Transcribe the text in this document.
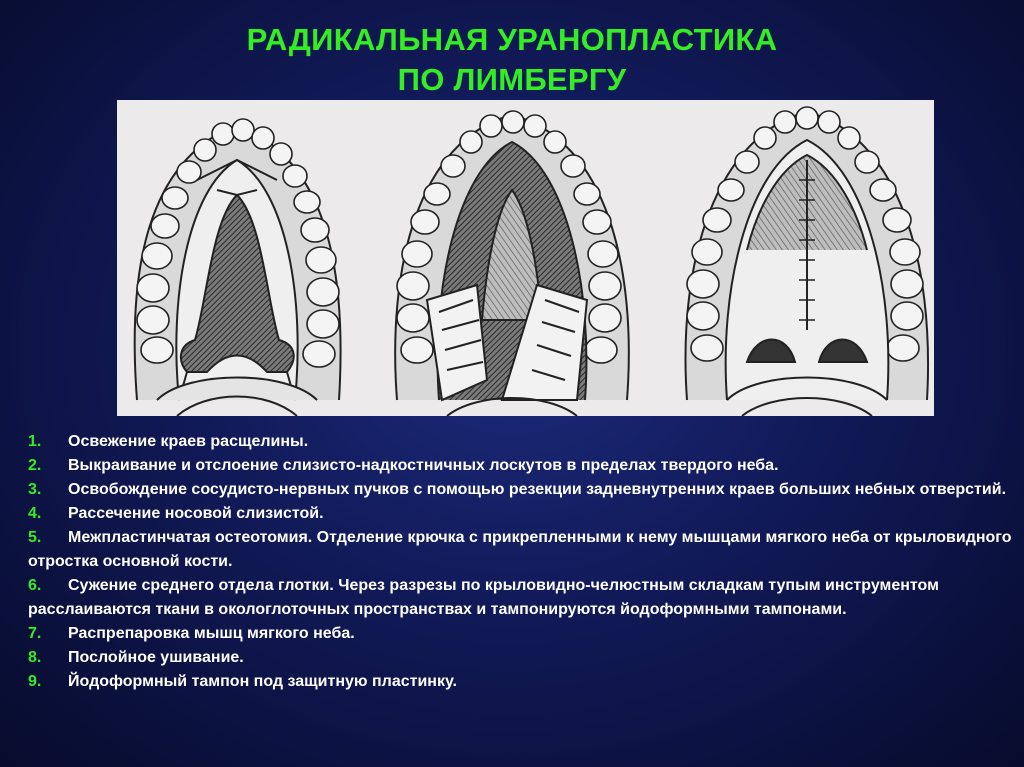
РАДИКАЛЬНАЯ УРАНОПЛАСТИКА
ПО ЛИМБЕРГУ
1. Освежение краев расщелины.
2. Выкраивание и отслоение слизисто-надкостничных лоскутов в пределах твердого неба.
3. Освобождение сосудисто-нервных пучков с помощью резекции задневнутренних краев больших небных отверстий.
4. Рассечение носовой слизистой.
5. Межпластинчатая остеотомия. Отделение крючка с прикрепленными к нему мышцами мягкого неба от крыловидного отростка основной кости.
6. Сужение среднего отдела глотки. Через разрезы по крыловидно-челюстным складкам тупым инструментом расслаиваются ткани в окологлоточных пространствах и тампонируются йодоформными тампонами.
7. Распрепаровка мышц мягкого неба.
8. Послойное ушивание.
9. Йодоформный тампон под защитную пластинку.
